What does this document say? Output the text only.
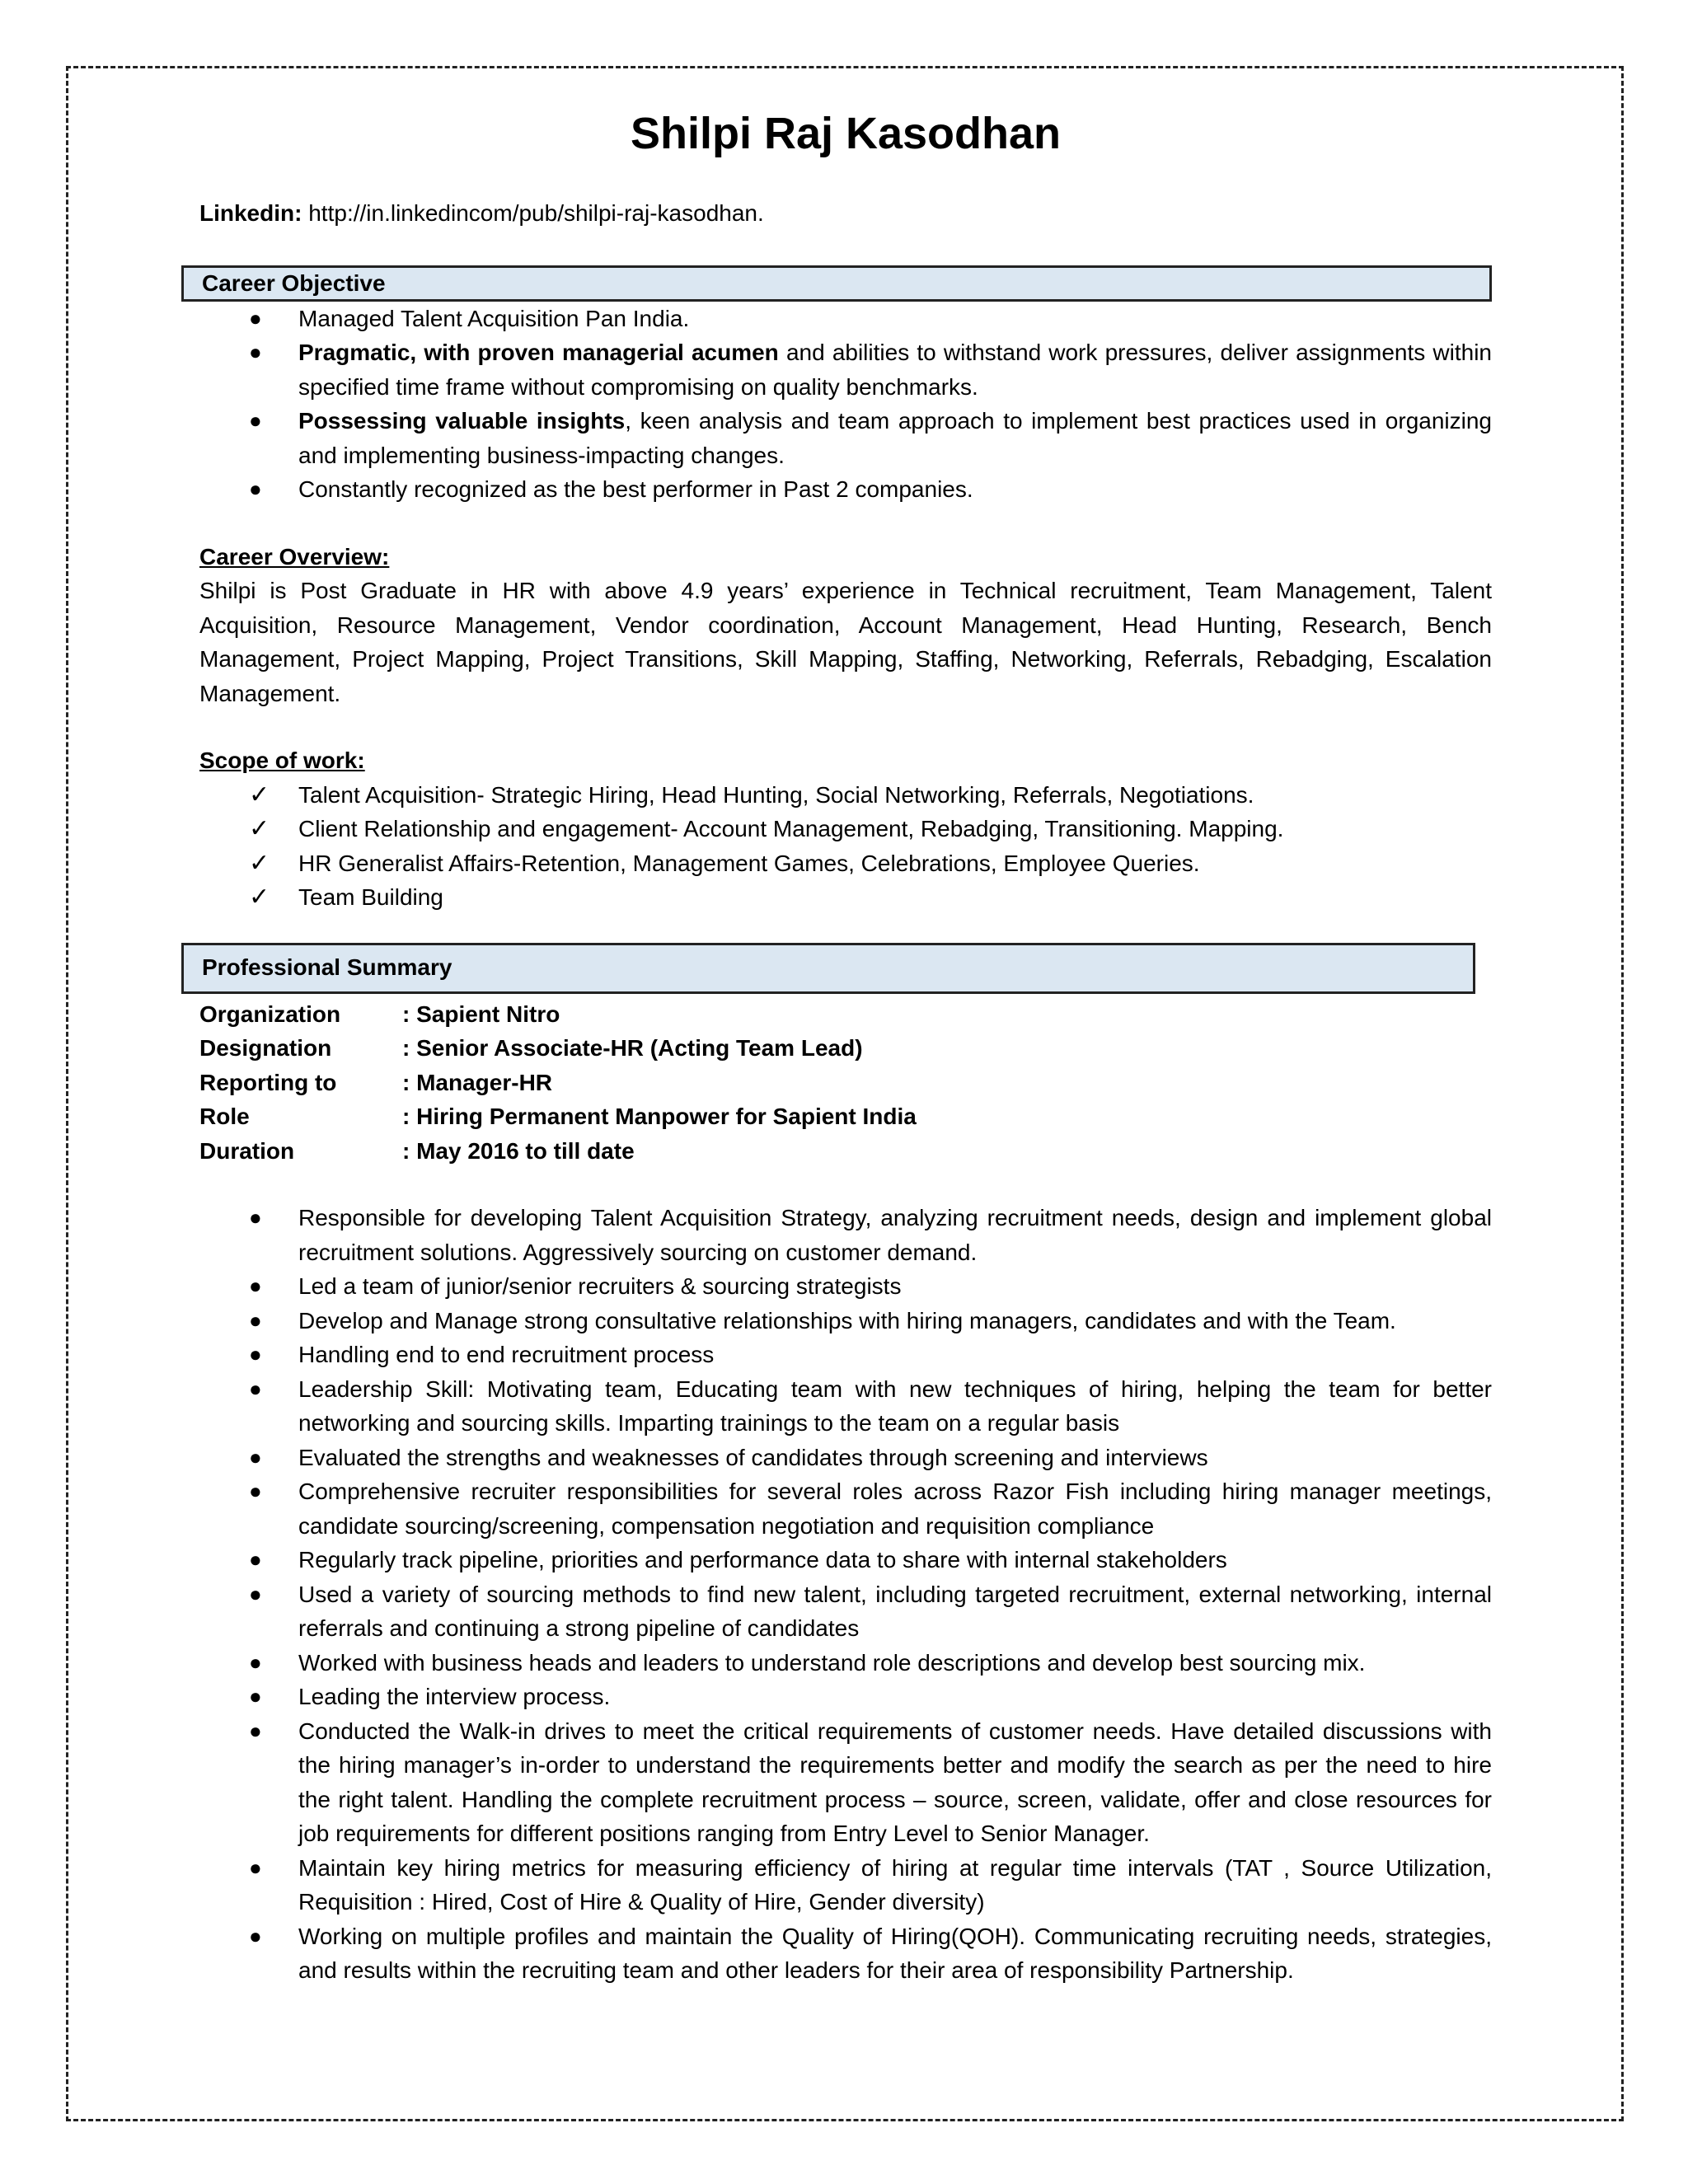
Shilpi Raj Kasodhan

Linkedin: http://in.linkedincom/pub/shilpi-raj-kasodhan.

Career Objective
● Managed Talent Acquisition Pan India.
● Pragmatic, with proven managerial acumen and abilities to withstand work pressures, deliver assignments within specified time frame without compromising on quality benchmarks.
● Possessing valuable insights, keen analysis and team approach to implement best practices used in organizing and implementing business-impacting changes.
● Constantly recognized as the best performer in Past 2 companies.

Career Overview:

Shilpi is Post Graduate in HR with above 4.9 years’ experience in Technical recruitment, Team Management, Talent Acquisition, Resource Management, Vendor coordination, Account Management, Head Hunting, Research, Bench Management, Project Mapping, Project Transitions, Skill Mapping, Staffing, Networking, Referrals, Rebadging, Escalation Management.

Scope of work:

✓ Talent Acquisition- Strategic Hiring, Head Hunting, Social Networking, Referrals, Negotiations.
✓ Client Relationship and engagement- Account Management, Rebadging, Transitioning. Mapping.
✓ HR Generalist Affairs-Retention, Management Games, Celebrations, Employee Queries.
✓ Team Building
Professional Summary
Organization	: Sapient Nitro
Designation	: Senior Associate-HR (Acting Team Lead)
Reporting to	: Manager-HR
Role	: Hiring Permanent Manpower for Sapient India
Duration	: May 2016 to till date
● Responsible for developing Talent Acquisition Strategy, analyzing recruitment needs, design and implement global recruitment solutions. Aggressively sourcing on customer demand.
● Led a team of junior/senior recruiters & sourcing strategists
● Develop and Manage strong consultative relationships with hiring managers, candidates and with the Team.
● Handling end to end recruitment process
● Leadership Skill: Motivating team, Educating team with new techniques of hiring, helping the team for better networking and sourcing skills. Imparting trainings to the team on a regular basis
● Evaluated the strengths and weaknesses of candidates through screening and interviews
● Comprehensive recruiter responsibilities for several roles across Razor Fish including hiring manager meetings, candidate sourcing/screening, compensation negotiation and requisition compliance
● Regularly track pipeline, priorities and performance data to share with internal stakeholders
● Used a variety of sourcing methods to find new talent, including targeted recruitment, external networking, internal referrals and continuing a strong pipeline of candidates
● Worked with business heads and leaders to understand role descriptions and develop best sourcing mix.
● Leading the interview process.
● Conducted the Walk-in drives to meet the critical requirements of customer needs. Have detailed discussions with the hiring manager’s in-order to understand the requirements better and modify the search as per the need to hire the right talent. Handling the complete recruitment process – source, screen, validate, offer and close resources for job requirements for different positions ranging from Entry Level to Senior Manager.
● Maintain key hiring metrics for measuring efficiency of hiring at regular time intervals (TAT , Source Utilization, Requisition : Hired, Cost of Hire & Quality of Hire, Gender diversity)
● Working on multiple profiles and maintain the Quality of Hiring(QOH). Communicating recruiting needs, strategies, and results within the recruiting team and other leaders for their area of responsibility Partnership.
